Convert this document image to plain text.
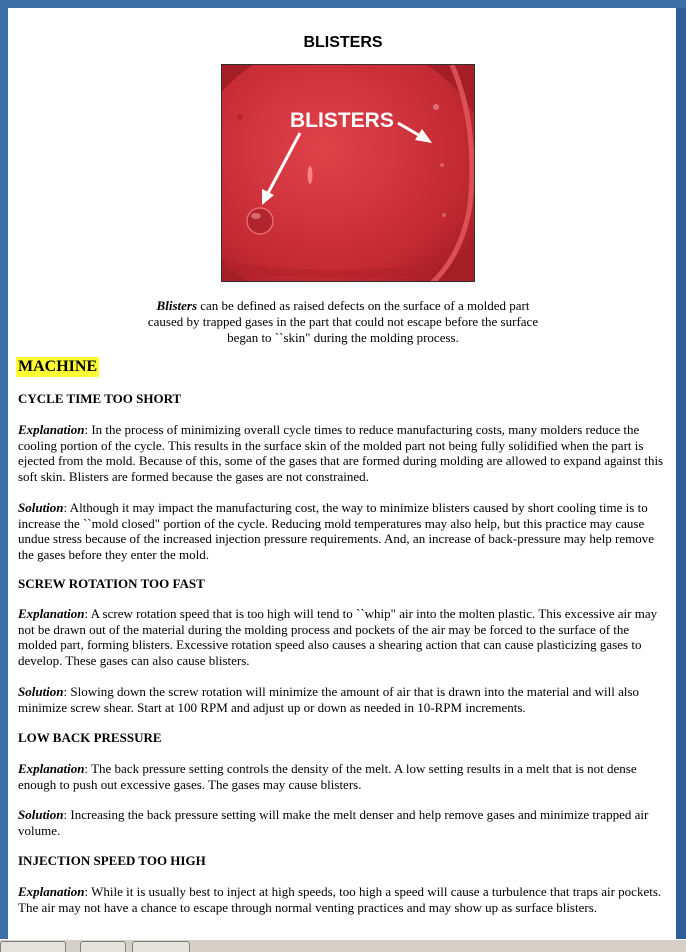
BLISTERS
BLISTERS
Blisters can be defined as raised defects on the surface of a molded part caused by trapped gases in the part that could not escape before the surface began to ``skin" during the molding process.
MACHINE
CYCLE TIME TOO SHORT
Explanation: In the process of minimizing overall cycle times to reduce manufacturing costs, many molders reduce the cooling portion of the cycle. This results in the surface skin of the molded part not being fully solidified when the part is ejected from the mold. Because of this, some of the gases that are formed during molding are allowed to expand against this soft skin. Blisters are formed because the gases are not constrained.
Solution: Although it may impact the manufacturing cost, the way to minimize blisters caused by short cooling time is to increase the ``mold closed" portion of the cycle. Reducing mold temperatures may also help, but this practice may cause undue stress because of the increased injection pressure requirements. And, an increase of back-pressure may help remove the gases before they enter the mold.
SCREW ROTATION TOO FAST
Explanation: A screw rotation speed that is too high will tend to ``whip" air into the molten plastic. This excessive air may not be drawn out of the material during the molding process and pockets of the air may be forced to the surface of the molded part, forming blisters. Excessive rotation speed also causes a shearing action that can cause plasticizing gases to develop. These gases can also cause blisters.
Solution: Slowing down the screw rotation will minimize the amount of air that is drawn into the material and will also minimize screw shear. Start at 100 RPM and adjust up or down as needed in 10-RPM increments.
LOW BACK PRESSURE
Explanation: The back pressure setting controls the density of the melt. A low setting results in a melt that is not dense enough to push out excessive gases. The gases may cause blisters.
Solution: Increasing the back pressure setting will make the melt denser and help remove gases and minimize trapped air volume.
INJECTION SPEED TOO HIGH
Explanation: While it is usually best to inject at high speeds, too high a speed will cause a turbulence that traps air pockets. The air may not have a chance to escape through normal venting practices and may show up as surface blisters.
